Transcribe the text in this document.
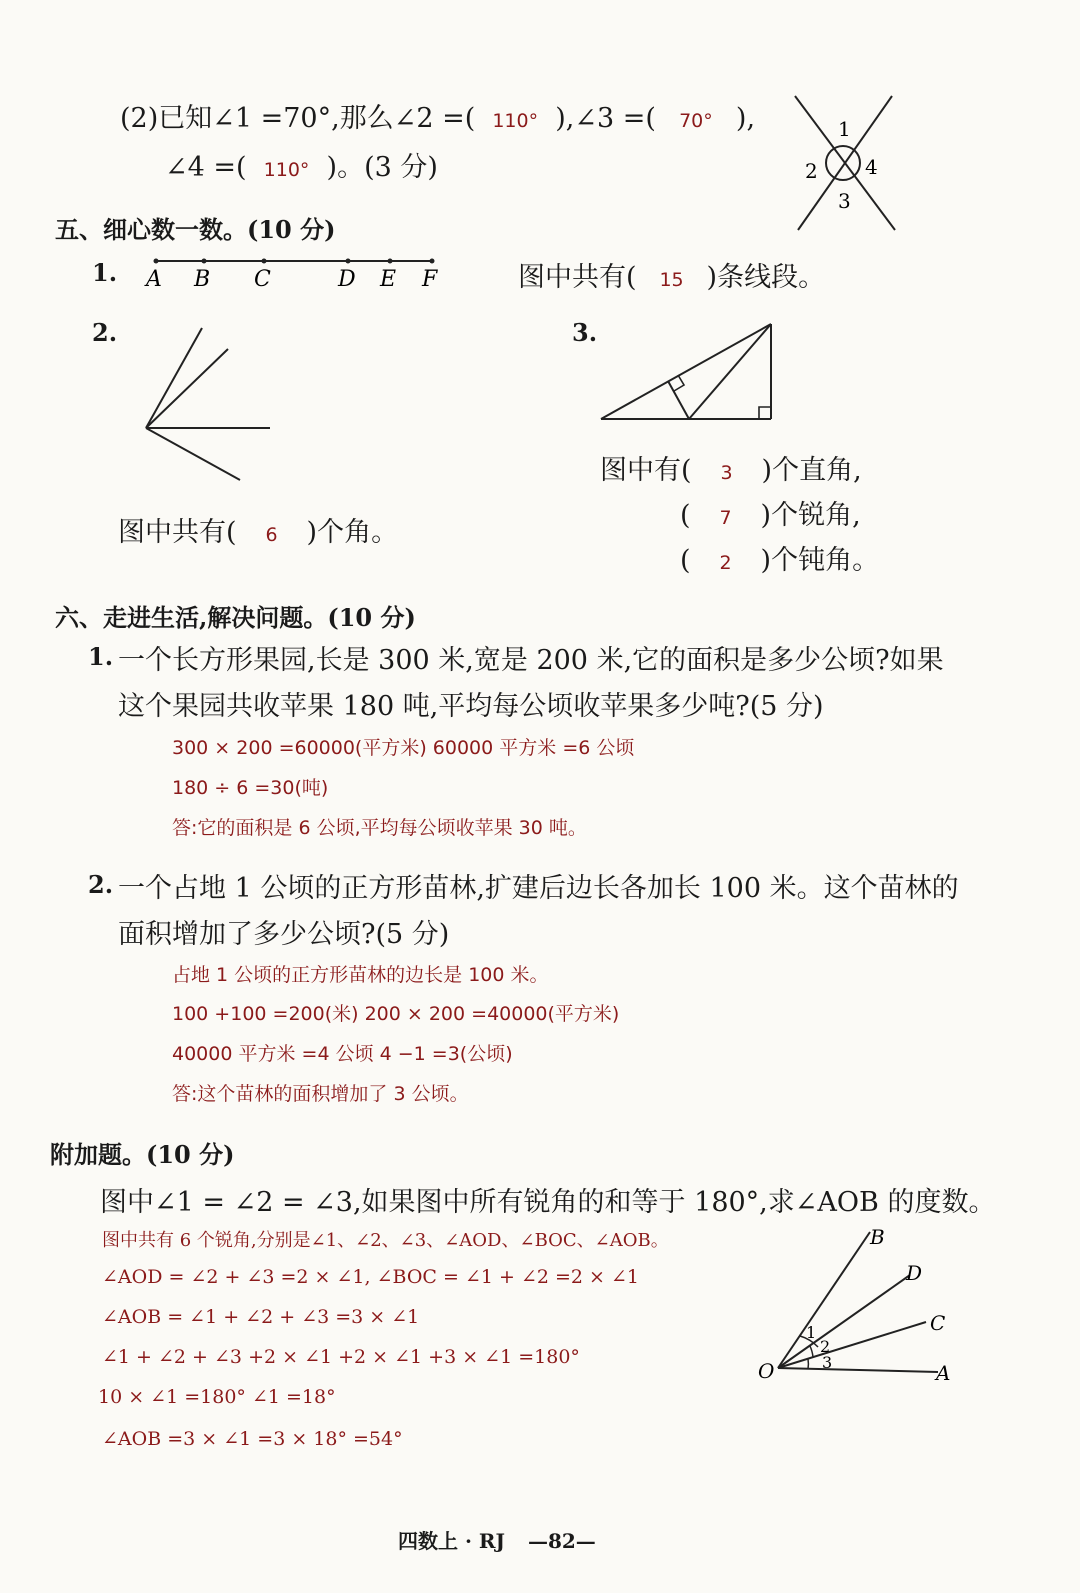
(2)已知∠1 =70°,那么∠2 =( 110° ),∠3 =( 70° ),
∠4 =( 110° )。(3 分)
1
2
3
4
五、细心数一数。(10 分)
1. A B C	D E F	图中共有( 15 )条线段。
2.
图中共有( 6 )个角。
3.
图中有( 3 )个直角,
( 7 )个锐角,
( 2 )个钝角。
六、走进生活,解决问题。(10 分)
1. 一个长方形果园,长是 300 米,宽是 200 米,它的面积是多少公顷?如果
这个果园共收苹果 180 吨,平均每公顷收苹果多少吨?(5 分)
300 × 200 =60000(平方米) 60000 平方米 =6 公顷
180 ÷ 6 =30(吨)
答:它的面积是 6 公顷,平均每公顷收苹果 30 吨。
2. 一个占地 1 公顷的正方形苗林,扩建后边长各加长 100 米。这个苗林的
面积增加了多少公顷?(5 分)
占地 1 公顷的正方形苗林的边长是 100 米。
100 +100 =200(米) 200 × 200 =40000(平方米)
40000 平方米 =4 公顷 4 −1 =3(公顷)
答:这个苗林的面积增加了 3 公顷。
附加题。(10 分)
图中∠1 = ∠2 = ∠3,如果图中所有锐角的和等于 180°,求∠AOB 的度数。
图中共有 6 个锐角,分别是∠1、∠2、∠3、∠AOD、∠BOC、∠AOB。
∠AOD = ∠2 + ∠3 =2 × ∠1, ∠BOC = ∠1 + ∠2 =2 × ∠1
∠AOB = ∠1 + ∠2 + ∠3 =3 × ∠1
∠1 + ∠2 + ∠3 +2 × ∠1 +2 × ∠1 +3 × ∠1 =180°
10 × ∠1 =180° ∠1 =18°
∠AOB =3 × ∠1 =3 × 18° =54°
O	A
B
C
D
1
2
3
四数上 · RJ —82—
